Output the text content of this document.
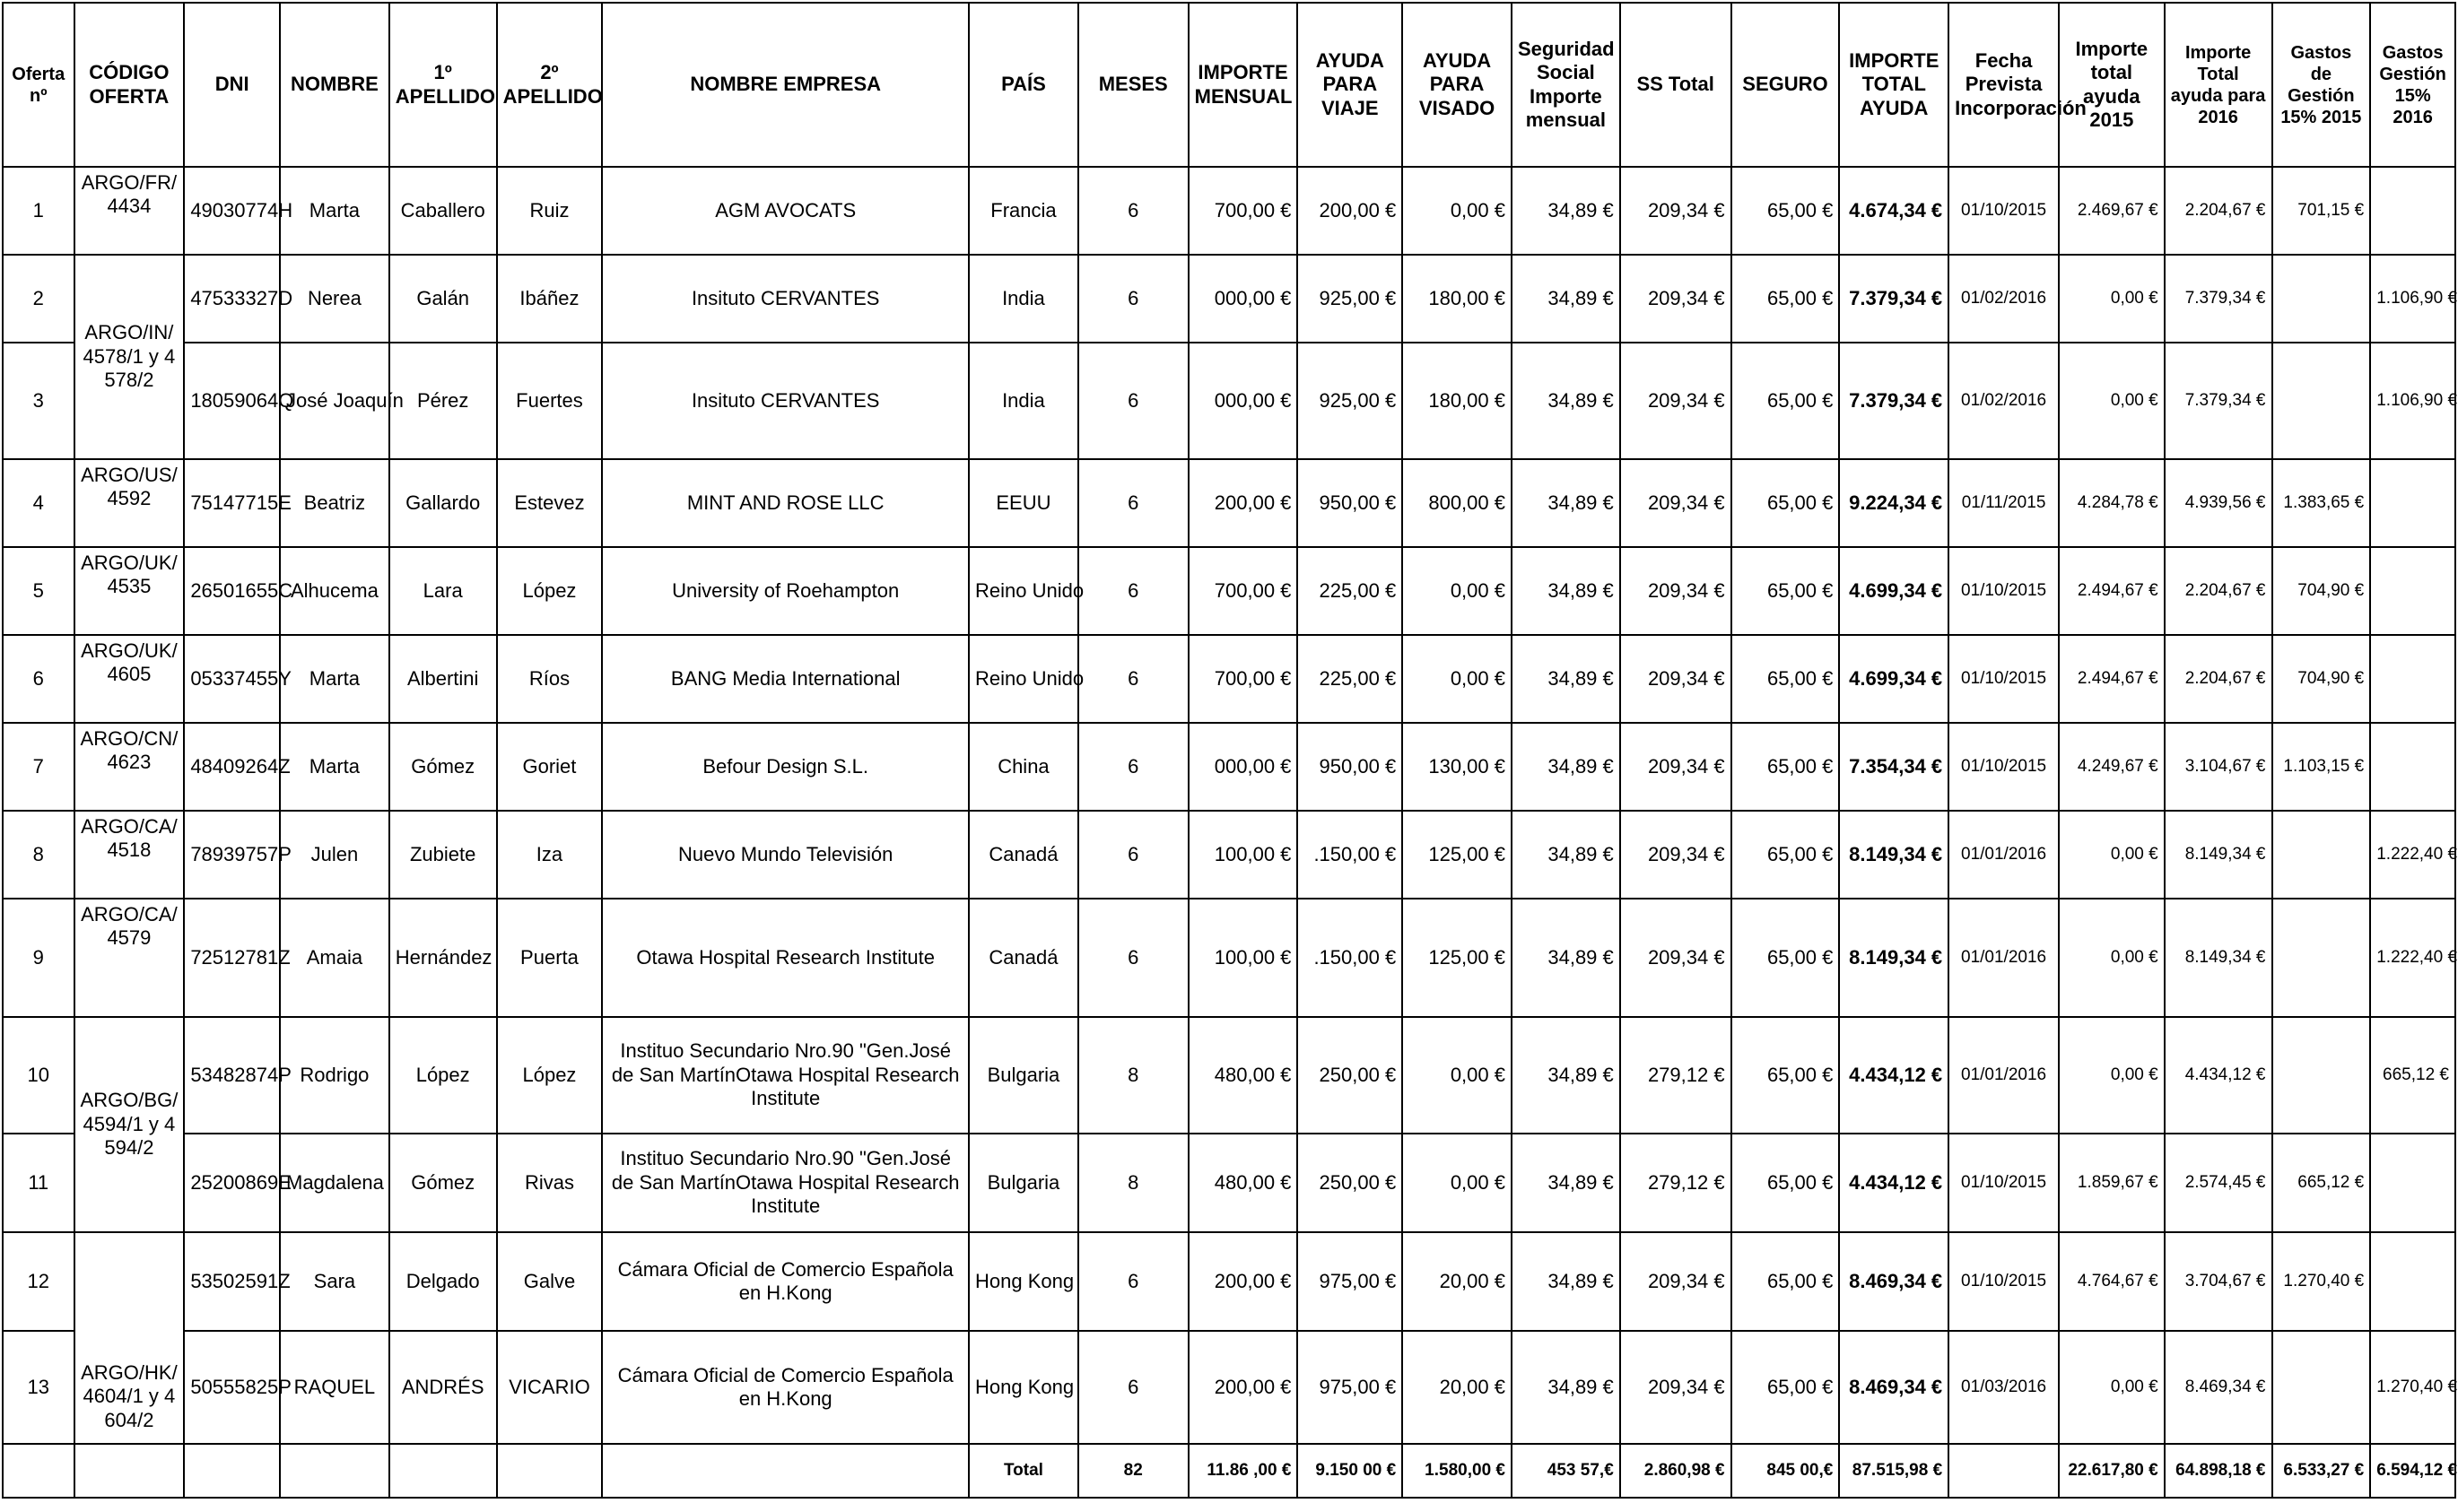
Oferta nº	CÓDIGO OFERTA	DNI	NOMBRE	1º APELLIDO	2º APELLIDO	NOMBRE EMPRESA	PAÍS	MESES	IMPORTE MENSUAL	AYUDA PARA VIAJE	AYUDA PARA VISADO	Seguridad Social Importe mensual	SS Total	SEGURO	IMPORTE TOTAL AYUDA	Fecha Prevista Incorporación	Importe total ayuda 2015	Importe Total ayuda para 2016	Gastos de Gestión 15% 2015	Gastos Gestión 15% 2016
1	ARGO/FR/4434	49030774H	Marta	Caballero	Ruiz	AGM AVOCATS	Francia	6	700,00 €	200,00 €	0,00 €	34,89 €	209,34 €	65,00 €	4.674,34 €	01/10/2015	2.469,67 €	2.204,67 €	701,15 €	
2	ARGO/IN/4578/1 y 4578/2	47533327D	Nerea	Galán	Ibáñez	Insituto CERVANTES	India	6	000,00 €	925,00 €	180,00 €	34,89 €	209,34 €	65,00 €	7.379,34 €	01/02/2016	0,00 €	7.379,34 €		1.106,90 €
3		18059064Q	José Joaquín	Pérez	Fuertes	Insituto CERVANTES	India	6	000,00 €	925,00 €	180,00 €	34,89 €	209,34 €	65,00 €	7.379,34 €	01/02/2016	0,00 €	7.379,34 €		1.106,90 €
4	ARGO/US/4592	75147715E	Beatriz	Gallardo	Estevez	MINT AND ROSE LLC	EEUU	6	200,00 €	950,00 €	800,00 €	34,89 €	209,34 €	65,00 €	9.224,34 €	01/11/2015	4.284,78 €	4.939,56 €	1.383,65 €	
5	ARGO/UK/4535	26501655C	Alhucema	Lara	López	University of Roehampton	Reino Unido	6	700,00 €	225,00 €	0,00 €	34,89 €	209,34 €	65,00 €	4.699,34 €	01/10/2015	2.494,67 €	2.204,67 €	704,90 €	
6	ARGO/UK/4605	05337455Y	Marta	Albertini	Ríos	BANG Media International	Reino Unido	6	700,00 €	225,00 €	0,00 €	34,89 €	209,34 €	65,00 €	4.699,34 €	01/10/2015	2.494,67 €	2.204,67 €	704,90 €	
7	ARGO/CN/4623	48409264Z	Marta	Gómez	Goriet	Befour Design S.L.	China	6	000,00 €	950,00 €	130,00 €	34,89 €	209,34 €	65,00 €	7.354,34 €	01/10/2015	4.249,67 €	3.104,67 €	1.103,15 €	
8	ARGO/CA/4518	78939757P	Julen	Zubiete	Iza	Nuevo Mundo Televisión	Canadá	6	100,00 €	.150,00 €	125,00 €	34,89 €	209,34 €	65,00 €	8.149,34 €	01/01/2016	0,00 €	8.149,34 €		1.222,40 €
9	ARGO/CA/4579	72512781Z	Amaia	Hernández	Puerta	Otawa Hospital Research Institute	Canadá	6	100,00 €	.150,00 €	125,00 €	34,89 €	209,34 €	65,00 €	8.149,34 €	01/01/2016	0,00 €	8.149,34 €		1.222,40 €
10	ARGO/BG/4594/1 y 4594/2	53482874P	Rodrigo	López	López	Instituo Secundario Nro.90 "Gen.José de San MartínOtawa Hospital Research Institute	Bulgaria	8	480,00 €	250,00 €	0,00 €	34,89 €	279,12 €	65,00 €	4.434,12 €	01/01/2016	0,00 €	4.434,12 €		665,12 €
11		25200869E	Magdalena	Gómez	Rivas	Instituo Secundario Nro.90 "Gen.José de San MartínOtawa Hospital Research Institute	Bulgaria	8	480,00 €	250,00 €	0,00 €	34,89 €	279,12 €	65,00 €	4.434,12 €	01/10/2015	1.859,67 €	2.574,45 €	665,12 €	
12	ARGO/HK/4604/1 y 4604/2	53502591Z	Sara	Delgado	Galve	Cámara Oficial de Comercio Española en H.Kong	Hong Kong	6	200,00 €	975,00 €	20,00 €	34,89 €	209,34 €	65,00 €	8.469,34 €	01/10/2015	4.764,67 €	3.704,67 €	1.270,40 €	
13		50555825P	RAQUEL	ANDRÉS	VICARIO	Cámara Oficial de Comercio Española en H.Kong	Hong Kong	6	200,00 €	975,00 €	20,00 €	34,89 €	209,34 €	65,00 €	8.469,34 €	01/03/2016	0,00 €	8.469,34 €		1.270,40 €
							Total	82	11.86 ,00 €	9.150 00 €	1.580,00 €	453 57,€	2.860,98 €	845 00,€	87.515,98 €		22.617,80 €	64.898,18 €	6.533,27 €	6.594,12 €
